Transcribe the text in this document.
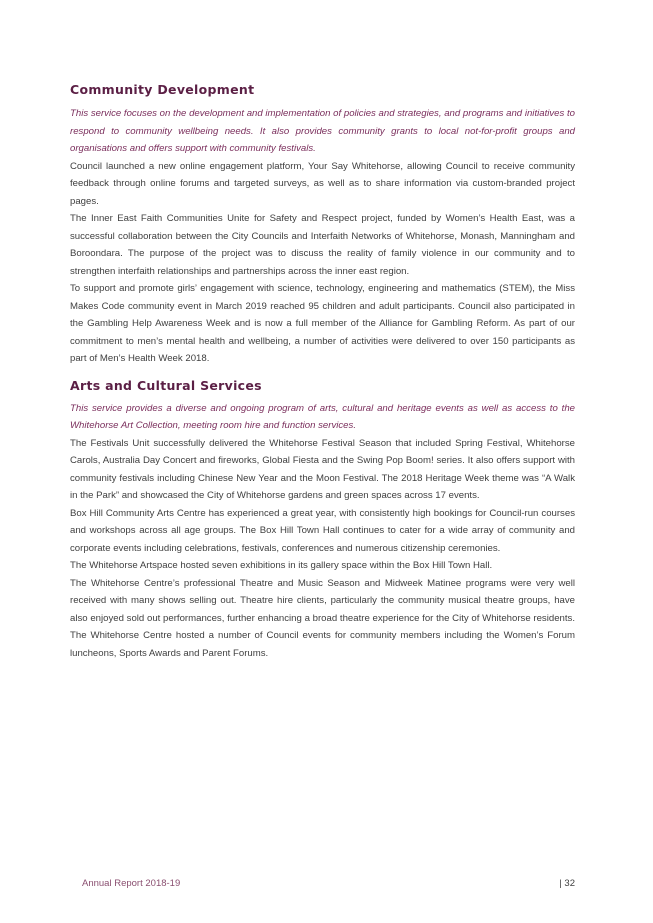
Community Development

This service focuses on the development and implementation of policies and strategies, and programs and initiatives to respond to community wellbeing needs. It also provides community grants to local not-for-profit groups and organisations and offers support with community festivals.

Council launched a new online engagement platform, Your Say Whitehorse, allowing Council to receive community feedback through online forums and targeted surveys, as well as to share information via custom-branded project pages.

The Inner East Faith Communities Unite for Safety and Respect project, funded by Women’s Health East, was a successful collaboration between the City Councils and Interfaith Networks of Whitehorse, Monash, Manningham and Boroondara. The purpose of the project was to discuss the reality of family violence in our community and to strengthen interfaith relationships and partnerships across the inner east region.

To support and promote girls’ engagement with science, technology, engineering and mathematics (STEM), the Miss Makes Code community event in March 2019 reached 95 children and adult participants. Council also participated in the Gambling Help Awareness Week and is now a full member of the Alliance for Gambling Reform. As part of our commitment to men’s mental health and wellbeing, a number of activities were delivered to over 150 participants as part of Men’s Health Week 2018.

Arts and Cultural Services

This service provides a diverse and ongoing program of arts, cultural and heritage events as well as access to the Whitehorse Art Collection, meeting room hire and function services.

The Festivals Unit successfully delivered the Whitehorse Festival Season that included Spring Festival, Whitehorse Carols, Australia Day Concert and fireworks, Global Fiesta and the Swing Pop Boom! series. It also offers support with community festivals including Chinese New Year and the Moon Festival. The 2018 Heritage Week theme was “A Walk in the Park” and showcased the City of Whitehorse gardens and green spaces across 17 events.

Box Hill Community Arts Centre has experienced a great year, with consistently high bookings for Council-run courses and workshops across all age groups. The Box Hill Town Hall continues to cater for a wide array of community and corporate events including celebrations, festivals, conferences and numerous citizenship ceremonies.

The Whitehorse Artspace hosted seven exhibitions in its gallery space within the Box Hill Town Hall.

The Whitehorse Centre’s professional Theatre and Music Season and Midweek Matinee programs were very well received with many shows selling out. Theatre hire clients, particularly the community musical theatre groups, have also enjoyed sold out performances, further enhancing a broad theatre experience for the City of Whitehorse residents. The Whitehorse Centre hosted a number of Council events for community members including the Women’s Forum luncheons, Sports Awards and Parent Forums.

Annual Report 2018-19	| 32
